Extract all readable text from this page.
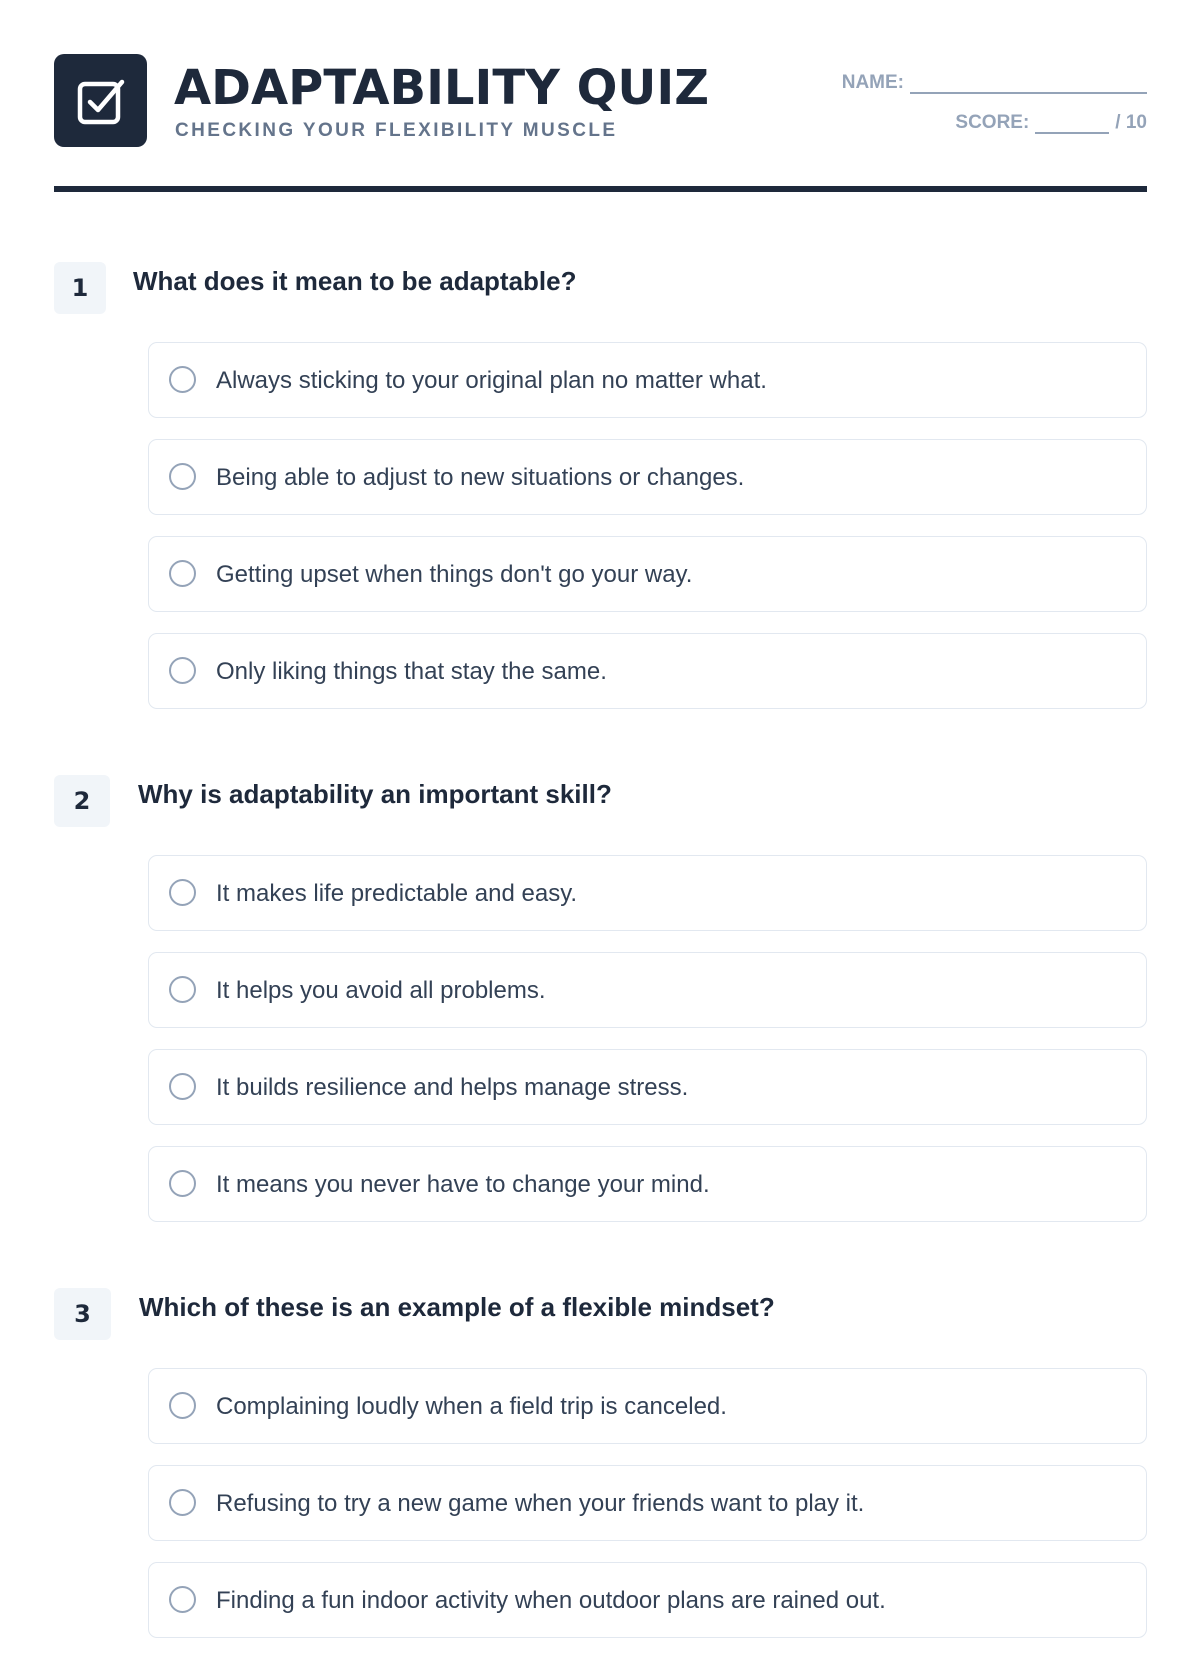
ADAPTABILITY QUIZ
CHECKING YOUR FLEXIBILITY MUSCLE
NAME:
SCORE:	/ 10
1	What does it mean to be adaptable?
Always sticking to your original plan no matter what.
Being able to adjust to new situations or changes.
Getting upset when things don't go your way.
Only liking things that stay the same.
2	Why is adaptability an important skill?
It makes life predictable and easy.
It helps you avoid all problems.
It builds resilience and helps manage stress.
It means you never have to change your mind.
3	Which of these is an example of a flexible mindset?
Complaining loudly when a field trip is canceled.
Refusing to try a new game when your friends want to play it.
Finding a fun indoor activity when outdoor plans are rained out.
